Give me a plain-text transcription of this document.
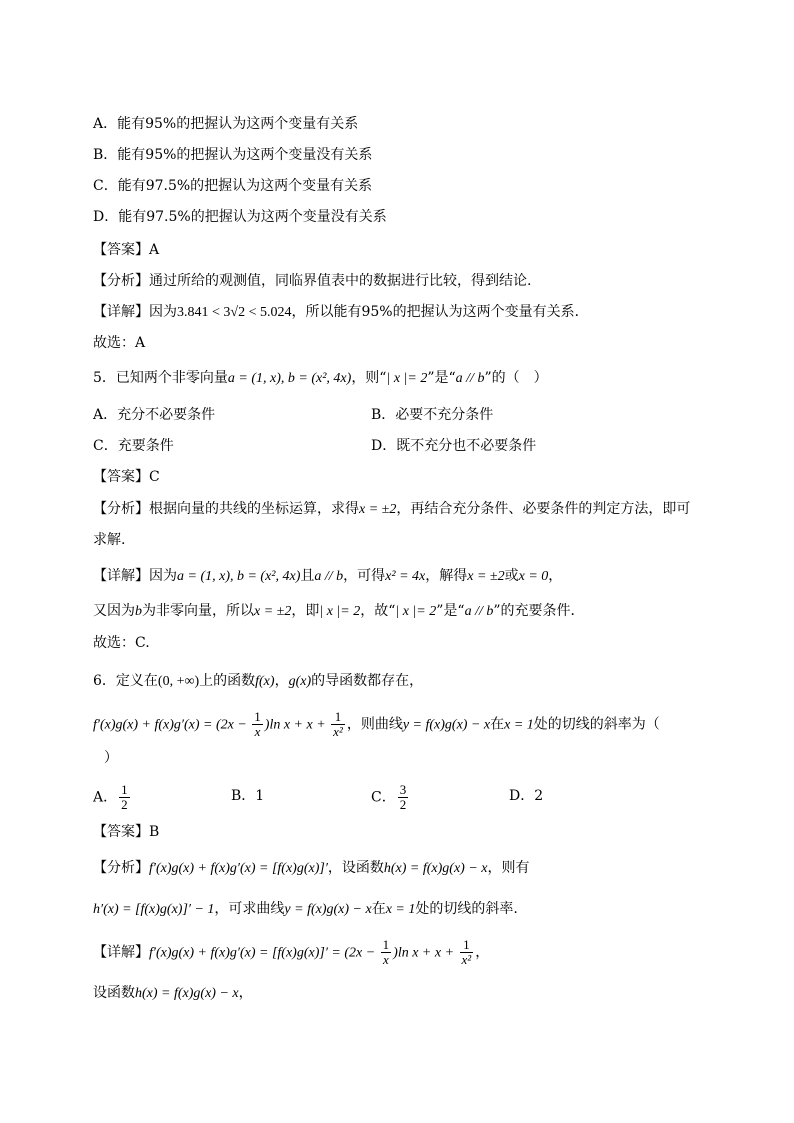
A．能有95%的把握认为这两个变量有关系
B．能有95%的把握认为这两个变量没有关系
C．能有97.5%的把握认为这两个变量有关系
D．能有97.5%的把握认为这两个变量没有关系
【答案】A
【分析】通过所给的观测值，同临界值表中的数据进行比较，得到结论.
【详解】因为3.841 < 3√2 < 5.024，所以能有95%的把握认为这两个变量有关系．
故选：A
5．已知两个非零向量a = (1, x), b = (x², 4x)，则“| x |= 2”是“a // b”的（　）
A．充分不必要条件	B．必要不充分条件
C．充要条件	D．既不充分也不必要条件
【答案】C
【分析】根据向量的共线的坐标运算，求得x = ±2，再结合充分条件、必要条件的判定方法，即可
求解.
【详解】因为a = (1, x), b = (x², 4x)且a // b，可得x² = 4x，解得x = ±2或x = 0，
又因为b为非零向量，所以x = ±2，即| x |= 2，故“| x |= 2”是“a // b”的充要条件．
故选：C.
6．定义在(0, +∞)上的函数f(x)，g(x)的导函数都存在，
$f'(x)g(x) + f(x)g'(x) = (2x - \frac{1}{x} )\ln$ $x + x + \frac{1}{\text{x²}}$ ，则曲线y = f(x)g(x) − x在x = 1处的切线的斜率为（
）
A． $\frac{1}{2}$	B．1	C． $\frac{3}{2}$	D．2
【答案】B
【分析】f′(x)g(x) + f(x)g′(x) = [f(x)g(x)]′，设函数h(x) = f(x)g(x) − x，则有
h′(x) = [f(x)g(x)]′ − 1，可求曲线y = f(x)g(x) − x在x = 1处的切线的斜率.
【详解】$f'(x)g(x) + f(x)g'(x) = [f(x)g(x)]' = (2x - \frac{1}{x} )\ln$ $x + x + \frac{1}{\text{x²}}$ ，
设函数h(x) = f(x)g(x) − x，
